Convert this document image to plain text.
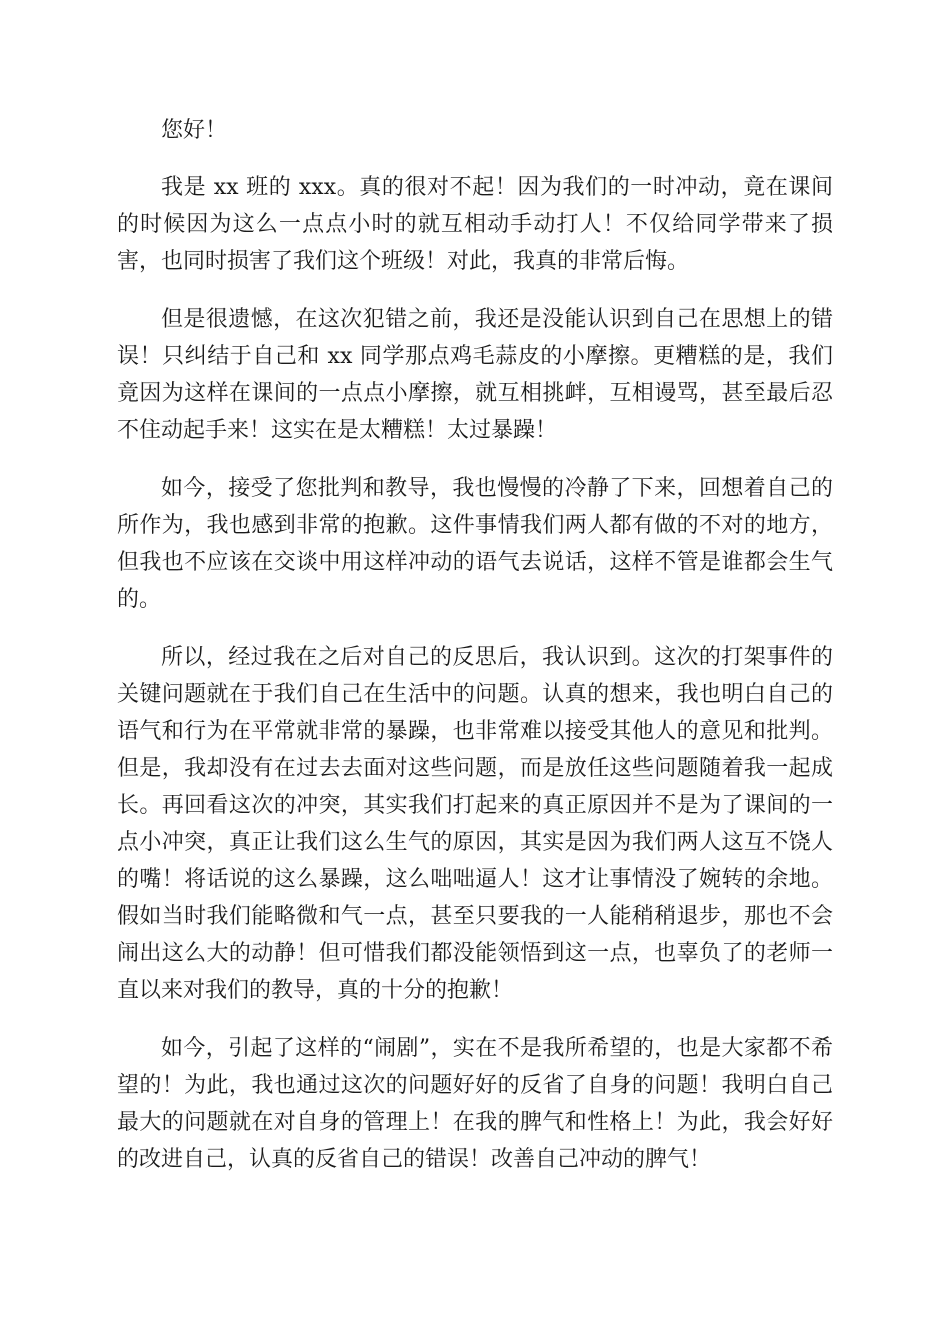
您好！

我是 xx 班的 xxx。真的很对不起！因为我们的一时冲动，竟在课间的时候因为这么一点点小时的就互相动手动打人！不仅给同学带来了损害，也同时损害了我们这个班级！对此，我真的非常后悔。

但是很遗憾，在这次犯错之前，我还是没能认识到自己在思想上的错误！只纠结于自己和 xx 同学那点鸡毛蒜皮的小摩擦。更糟糕的是，我们竟因为这样在课间的一点点小摩擦，就互相挑衅，互相谩骂，甚至最后忍不住动起手来！这实在是太糟糕！太过暴躁！

如今，接受了您批判和教导，我也慢慢的冷静了下来，回想着自己的所作为，我也感到非常的抱歉。这件事情我们两人都有做的不对的地方，但我也不应该在交谈中用这样冲动的语气去说话，这样不管是谁都会生气的。

所以，经过我在之后对自己的反思后，我认识到。这次的打架事件的关键问题就在于我们自己在生活中的问题。认真的想来，我也明白自己的语气和行为在平常就非常的暴躁，也非常难以接受其他人的意见和批判。但是，我却没有在过去去面对这些问题，而是放任这些问题随着我一起成长。再回看这次的冲突，其实我们打起来的真正原因并不是为了课间的一点小冲突，真正让我们这么生气的原因，其实是因为我们两人这互不饶人的嘴！将话说的这么暴躁，这么咄咄逼人！这才让事情没了婉转的余地。假如当时我们能略微和气一点，甚至只要我的一人能稍稍退步，那也不会闹出这么大的动静！但可惜我们都没能领悟到这一点，也辜负了的老师一直以来对我们的教导，真的十分的抱歉！

如今，引起了这样的“闹剧”，实在不是我所希望的，也是大家都不希望的！为此，我也通过这次的问题好好的反省了自身的问题！我明白自己最大的问题就在对自身的管理上！在我的脾气和性格上！为此，我会好好的改进自己，认真的反省自己的错误！改善自己冲动的脾气！
